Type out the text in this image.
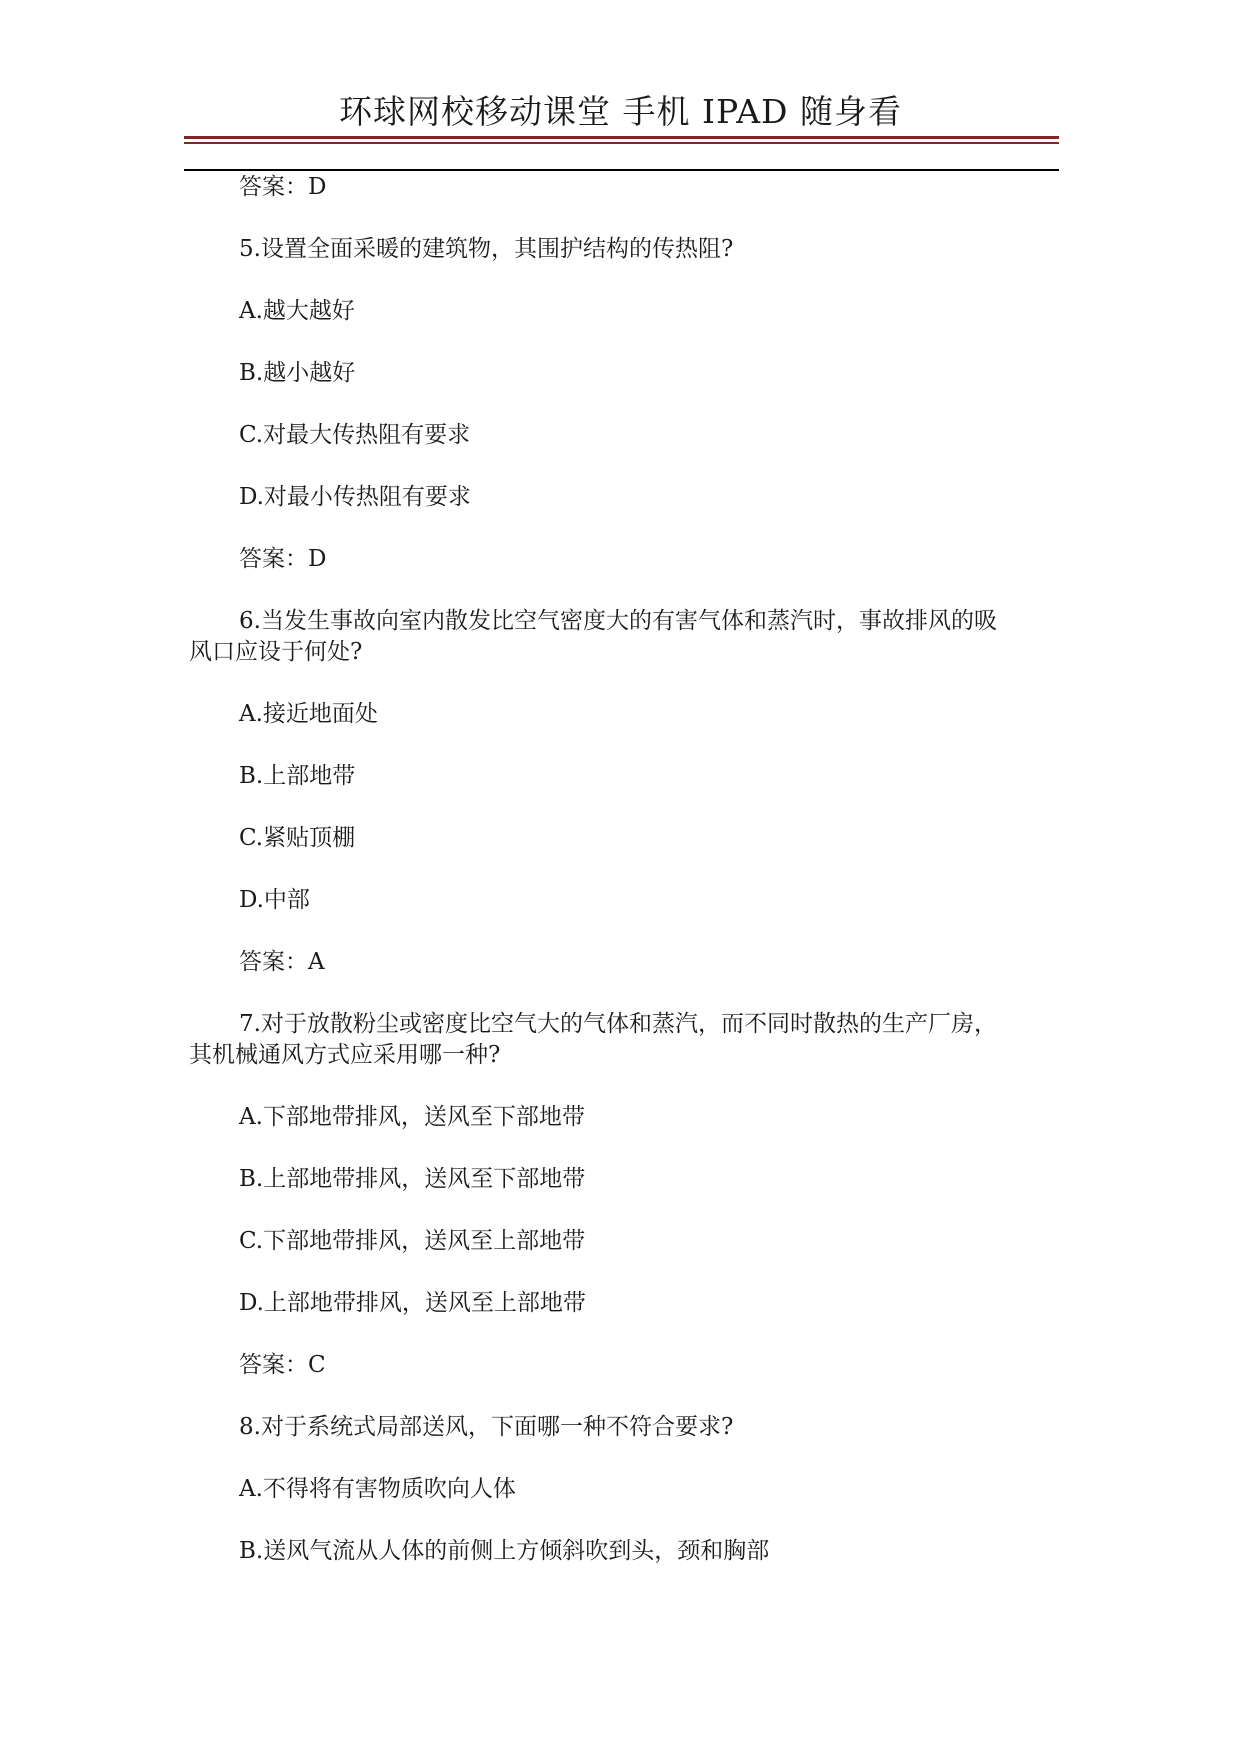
环球网校移动课堂 手机 IPAD 随身看

答案：D

5.设置全面采暖的建筑物，其围护结构的传热阻?

A.越大越好

B.越小越好

C.对最大传热阻有要求

D.对最小传热阻有要求

答案：D

6.当发生事故向室内散发比空气密度大的有害气体和蒸汽时，事故排风的吸

风口应设于何处?

A.接近地面处

B.上部地带

C.紧贴顶棚

D.中部

答案：A

7.对于放散粉尘或密度比空气大的气体和蒸汽，而不同时散热的生产厂房，

其机械通风方式应采用哪一种?

A.下部地带排风，送风至下部地带

B.上部地带排风，送风至下部地带

C.下部地带排风，送风至上部地带

D.上部地带排风，送风至上部地带

答案：C

8.对于系统式局部送风，下面哪一种不符合要求?

A.不得将有害物质吹向人体

B.送风气流从人体的前侧上方倾斜吹到头，颈和胸部
